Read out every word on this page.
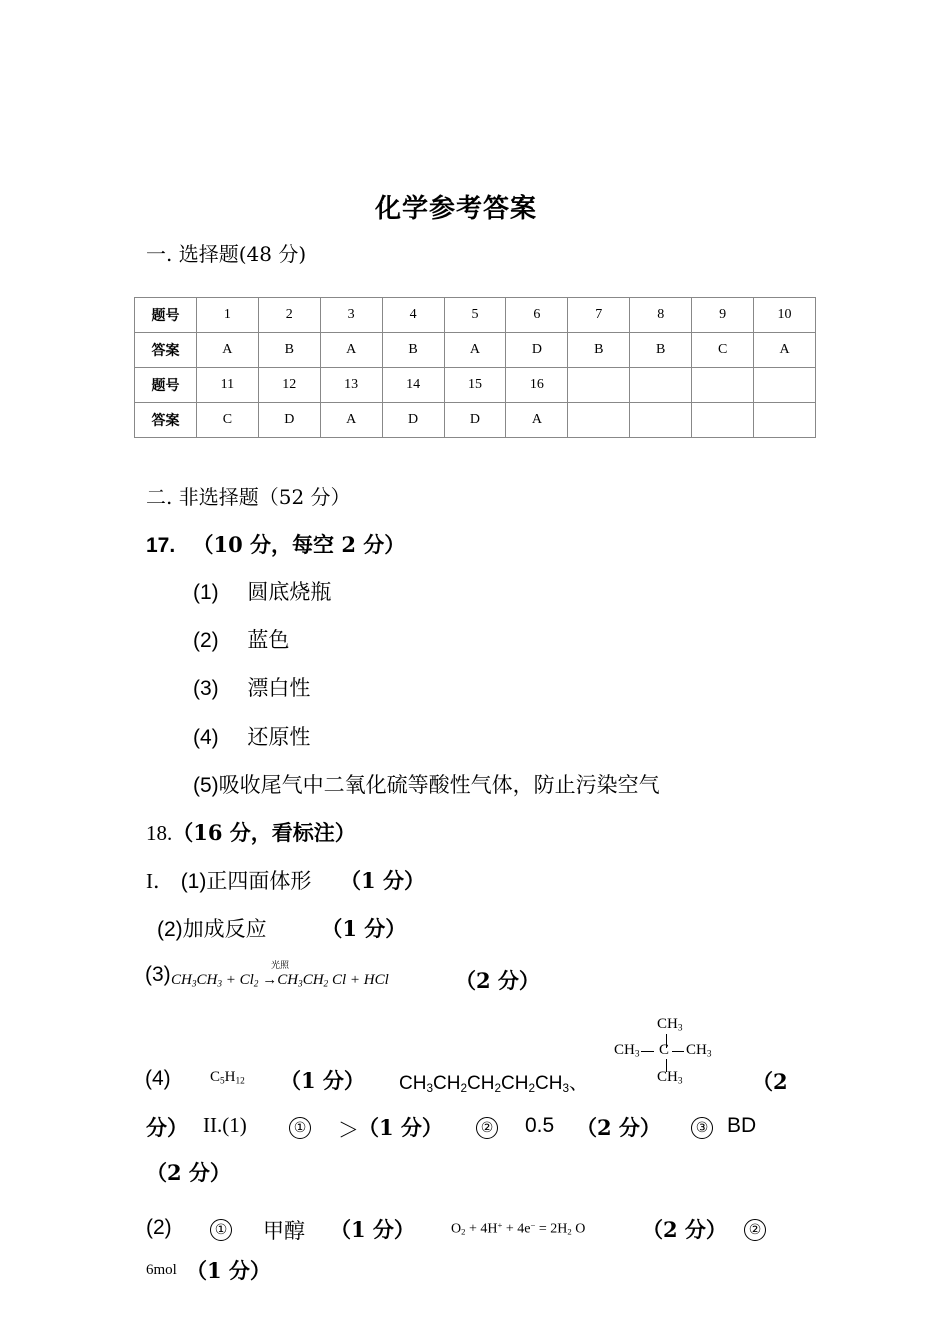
化学参考答案
一. 选择题(48 分)
题号	1	2	3	4	5	6	7	8	9	10
答案	A	B	A	B	A	D	B	B	C	A
题号	11	12	13	14	15	16				
答案	C	D	A	D	D	A				
二. 非选择题（52 分）
17. （10 分，每空 2 分）
(1) 圆底烧瓶
(2) 蓝色
(3) 漂白性
(4) 还原性
(5)吸收尾气中二氧化硫等酸性气体，防止污染空气
18.（16 分，看标注）
I． (1)正四面体形 （1 分）
(2)加成反应	（1 分）
(3)	光照
$CH_3CH_3 + Cl_2 \to CH_3CH_2$ Cl + HCl	（2 分）
(4)	$C_5H_{12}$ （1 分） $CH_3CH_2CH_2CH_2CH_3$、
$CH_3$
$CH_3$ C $CH_3$
$CH_3$	（2
分） II.(1)	① ＞ （1 分）	② 0.5 （2 分）	③ BD
（2 分）
(2)	① 甲醇 （1 分）	$O_2 + 4H^+ + 4e^- = 2H_2$ O	（2 分）	②
6mol （1 分）
